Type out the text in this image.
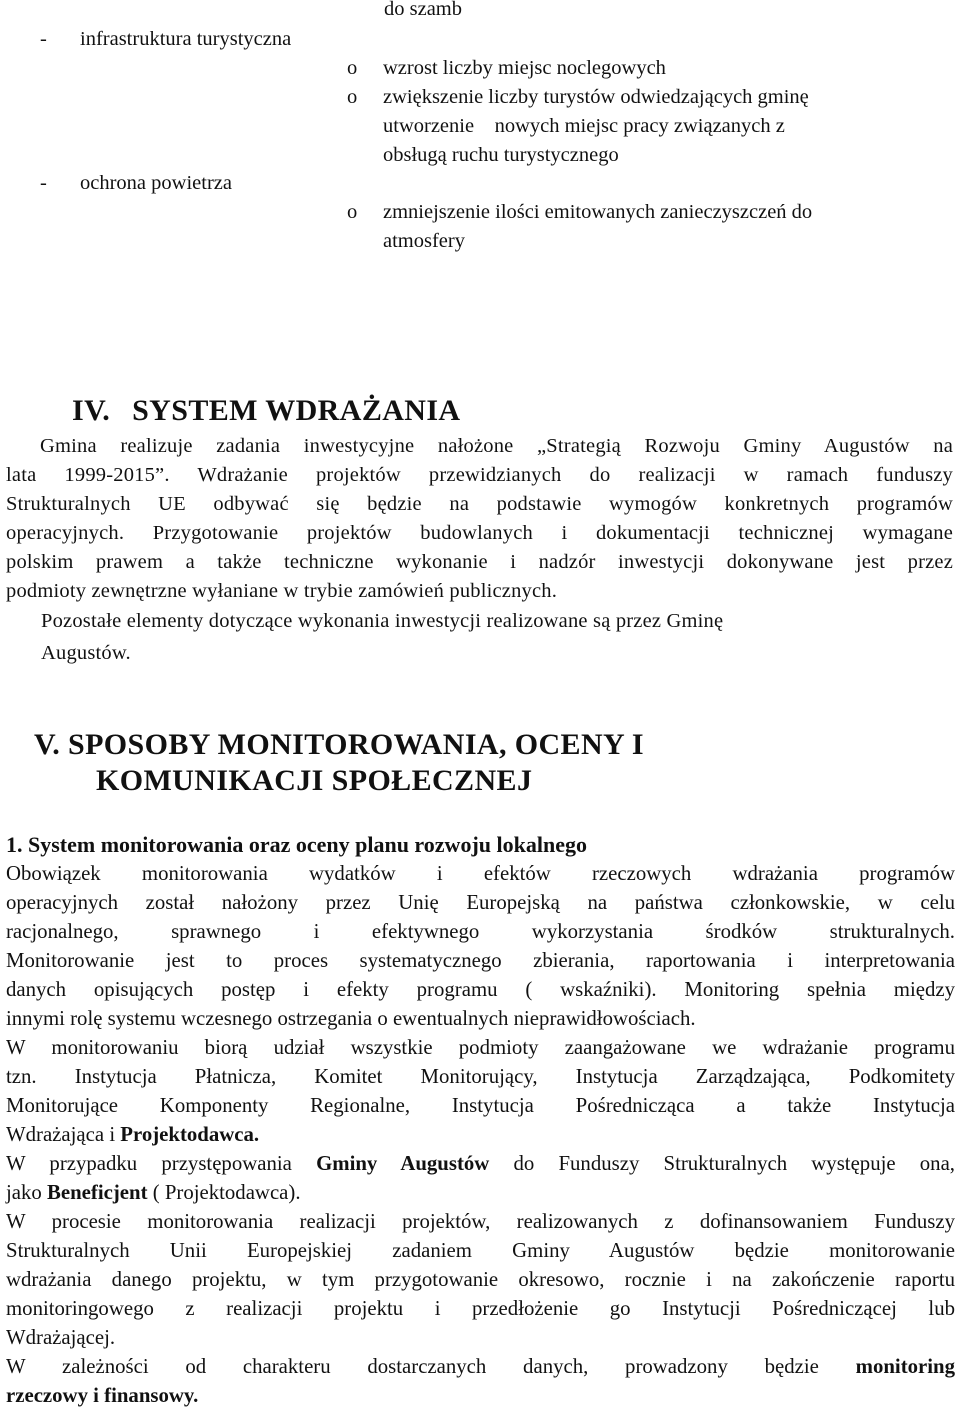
do szamb
- infrastruktura turystyczna
o wzrost liczby miejsc noclegowych
o zwiększenie liczby turystów odwiedzających gminę
utworzenie    nowych miejsc pracy związanych z
obsługą ruchu turystycznego
- ochrona powietrza
o zmniejszenie ilości emitowanych zanieczyszczeń do
atmosfery
IV. SYSTEM WDRAŻANIA
Gmina realizuje zadania inwestycyjne nałożone „Strategią Rozwoju Gminy Augustów na
lata 1999-2015”. Wdrażanie projektów przewidzianych do realizacji w ramach funduszy
Strukturalnych UE odbywać się będzie na podstawie wymogów konkretnych programów
operacyjnych. Przygotowanie projektów budowlanych i dokumentacji technicznej wymagane
polskim prawem a także techniczne wykonanie i nadzór inwestycji dokonywane jest przez
podmioty zewnętrzne wyłaniane w trybie zamówień publicznych.
Pozostałe elementy dotyczące wykonania inwestycji realizowane są przez Gminę
Augustów.
V. SPOSOBY MONITOROWANIA, OCENY I
KOMUNIKACJI SPOŁECZNEJ
1. System monitorowania oraz oceny planu rozwoju lokalnego
Obowiązek monitorowania wydatków i efektów rzeczowych wdrażania programów
operacyjnych został nałożony przez Unię Europejską na państwa członkowskie, w celu
racjonalnego, sprawnego i efektywnego wykorzystania środków strukturalnych.
Monitorowanie jest to proces systematycznego zbierania, raportowania i interpretowania
danych opisujących postęp i efekty programu ( wskaźniki). Monitoring spełnia między
innymi rolę systemu wczesnego ostrzegania o ewentualnych nieprawidłowościach.
W monitorowaniu biorą udział wszystkie podmioty zaangażowane we wdrażanie programu
tzn. Instytucja Płatnicza, Komitet Monitorujący, Instytucja Zarządzająca, Podkomitety
Monitorujące Komponenty Regionalne, Instytucja Pośrednicząca a także Instytucja
Wdrażająca i Projektodawca.
W przypadku przystępowania Gminy Augustów do Funduszy Strukturalnych występuje ona,
jako Beneficjent ( Projektodawca).
W procesie monitorowania realizacji projektów, realizowanych z dofinansowaniem Funduszy
Strukturalnych Unii Europejskiej zadaniem Gminy Augustów będzie monitorowanie
wdrażania danego projektu, w tym przygotowanie okresowo, rocznie i na zakończenie raportu
monitoringowego z realizacji projektu i przedłożenie go Instytucji Pośredniczącej lub
Wdrażającej.
W zależności od charakteru dostarczanych danych, prowadzony będzie monitoring
rzeczowy i finansowy.
